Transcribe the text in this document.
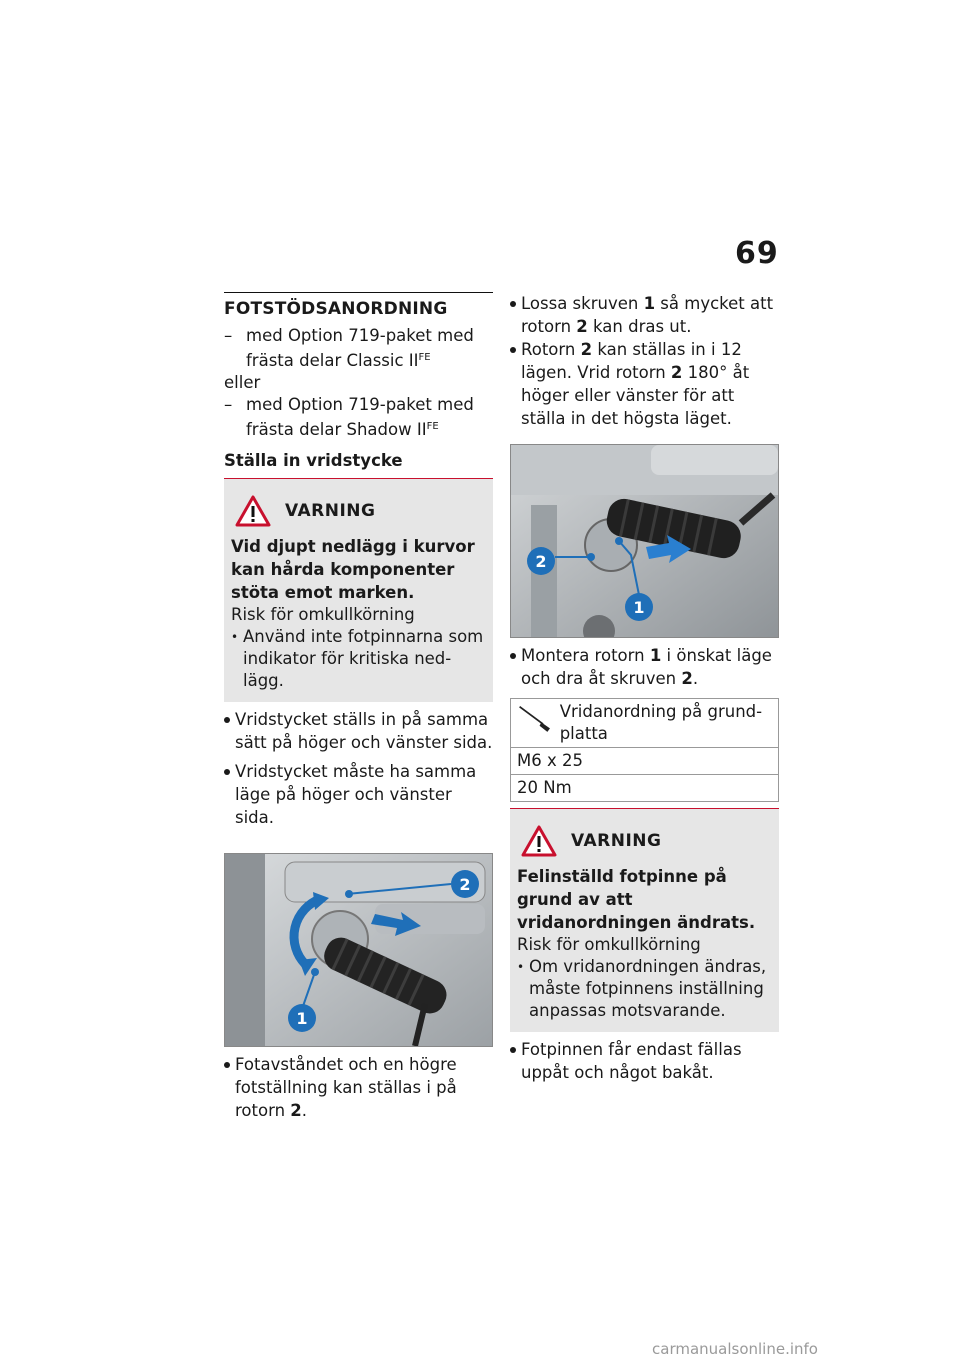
69
FOTSTÖDSANORDNING
– med Option 719-paket med frästa delar Classic $II^{FE}$
eller
– med Option 719-paket med frästa delar Shadow $II^{FE}$
Ställa in vridstycke
VARNING
Vid djupt nedlägg i kurvor kan hårda komponenter stöta emot marken.
Risk för omkullkörning
• Använd inte fotpinnarna som indikator för kritiska nedlägg.
Vridstycket ställs in på samma sätt på höger och vänster sida.
Vridstycket måste ha samma läge på höger och vänster sida.
2
1
Fotavståndet och en högre fotställning kan ställas i på rotorn 2.
Lossa skruven 1 så mycket att rotorn 2 kan dras ut.
Rotorn 2 kan ställas in i 12 lägen. Vrid rotorn 2 180° åt höger eller vänster för att ställa in det högsta läget.
2
1
Montera rotorn 1 i önskat läge och dra åt skruven 2.
Vridanordning på grundplatta

M6 x 25
20 Nm
VARNING
Felinställd fotpinne på grund av att vridanordningen ändrats.
Risk för omkullkörning
• Om vridanordningen ändras, måste fotpinnens inställning anpassas motsvarande.
Fotpinnen får endast fällas uppåt och något bakåt.
carmanualsonline.info
